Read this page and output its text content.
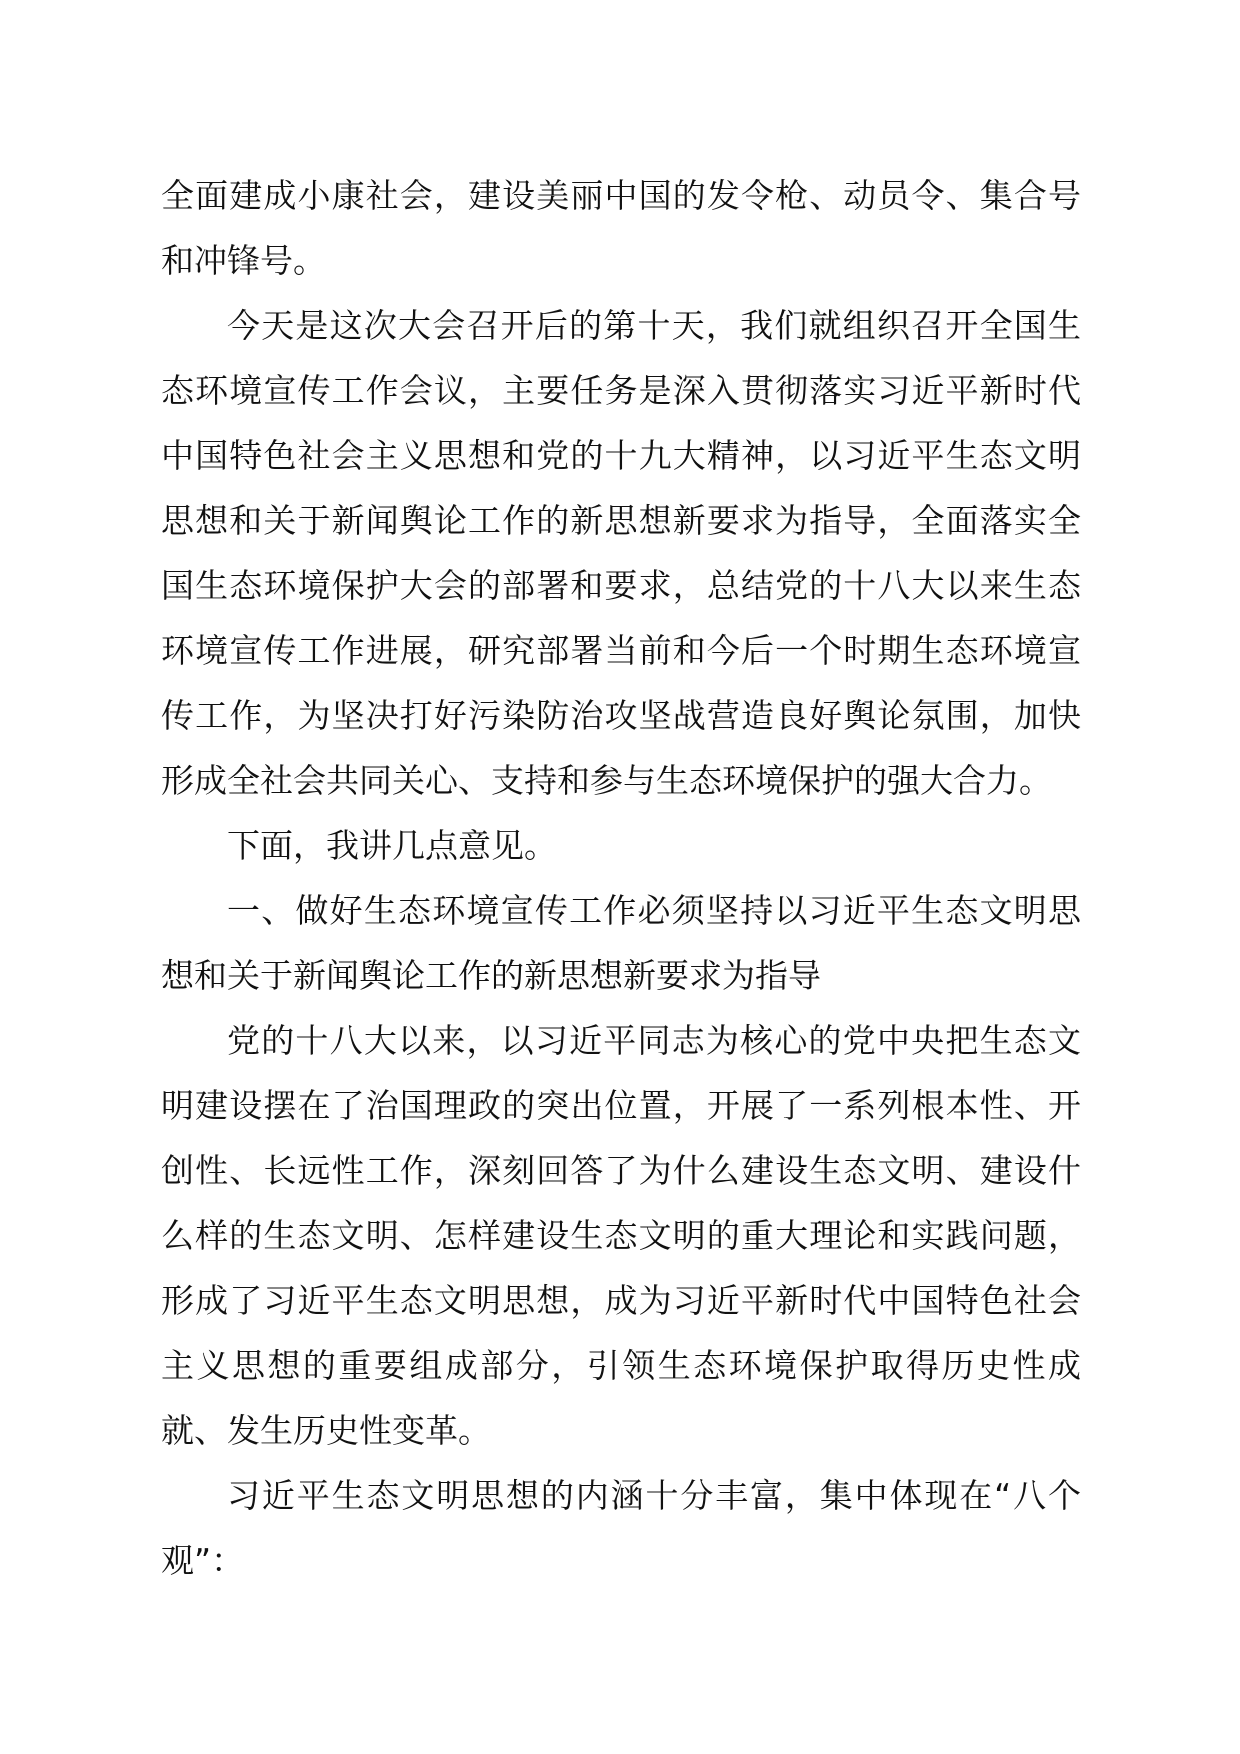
全面建成小康社会，建设美丽中国的发令枪、动员令、集合号和冲锋号。

今天是这次大会召开后的第十天，我们就组织召开全国生态环境宣传工作会议，主要任务是深入贯彻落实习近平新时代中国特色社会主义思想和党的十九大精神，以习近平生态文明思想和关于新闻舆论工作的新思想新要求为指导，全面落实全国生态环境保护大会的部署和要求，总结党的十八大以来生态环境宣传工作进展，研究部署当前和今后一个时期生态环境宣传工作，为坚决打好污染防治攻坚战营造良好舆论氛围，加快形成全社会共同关心、支持和参与生态环境保护的强大合力。

下面，我讲几点意见。

一、做好生态环境宣传工作必须坚持以习近平生态文明思想和关于新闻舆论工作的新思想新要求为指导

党的十八大以来，以习近平同志为核心的党中央把生态文明建设摆在了治国理政的突出位置，开展了一系列根本性、开创性、长远性工作，深刻回答了为什么建设生态文明、建设什么样的生态文明、怎样建设生态文明的重大理论和实践问题，形成了习近平生态文明思想，成为习近平新时代中国特色社会主义思想的重要组成部分，引领生态环境保护取得历史性成就、发生历史性变革。

习近平生态文明思想的内涵十分丰富，集中体现在“八个观”：
